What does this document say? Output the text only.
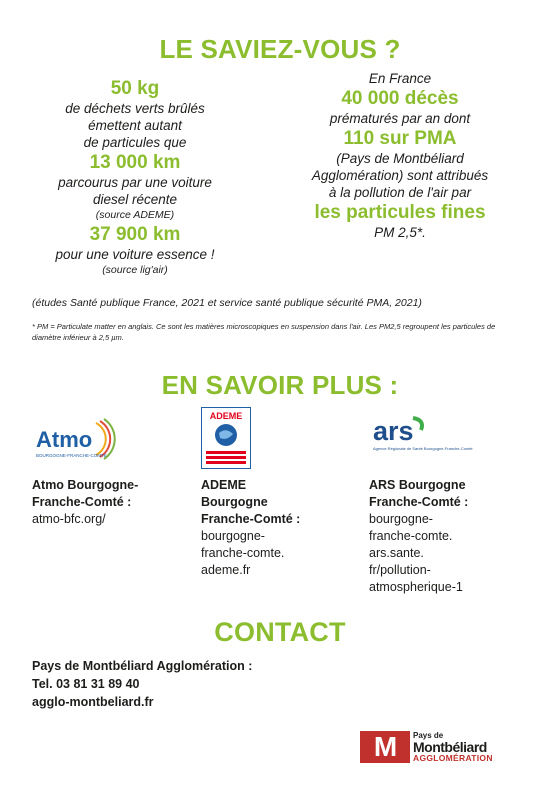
LE SAVIEZ-VOUS ?
50 kg
de déchets verts brûlés
émettent autant
de particules que
13 000 km
parcourus par une voiture
diesel récente
(source ADEME)
37 900 km
pour une voiture essence !
(source lig'air)
En France
40 000 décès
prématurés par an dont
110 sur PMA
(Pays de Montbéliard
Agglomération) sont attribués
à la pollution de l'air par
les particules fines
PM 2,5*.
(études Santé publique France, 2021 et service santé publique sécurité PMA, 2021)
* PM = Particulate matter en anglais. Ce sont les matières microscopiques en suspension dans l'air. Les PM2,5 regroupent les particules de diamètre inférieur à 2,5 µm.
EN SAVOIR PLUS :
Atmo
BOURGOGNE-FRANCHE-COMTÉ
Atmo Bourgogne-
Franche-Comté :
atmo-bfc.org/
ADEME
ADEME
Bourgogne
Franche-Comté :
bourgogne-
franche-comte.
ademe.fr
ars
Agence Régionale de Santé Bourgogne-Franche-Comté
ARS Bourgogne
Franche-Comté :
bourgogne-
franche-comte.
ars.sante.
fr/pollution-
atmospherique-1
CONTACT
Pays de Montbéliard Agglomération :
Tel. 03 81 31 89 40
agglo-montbeliard.fr
M	Pays de
Montbéliard
AGGLOMÉRATION
